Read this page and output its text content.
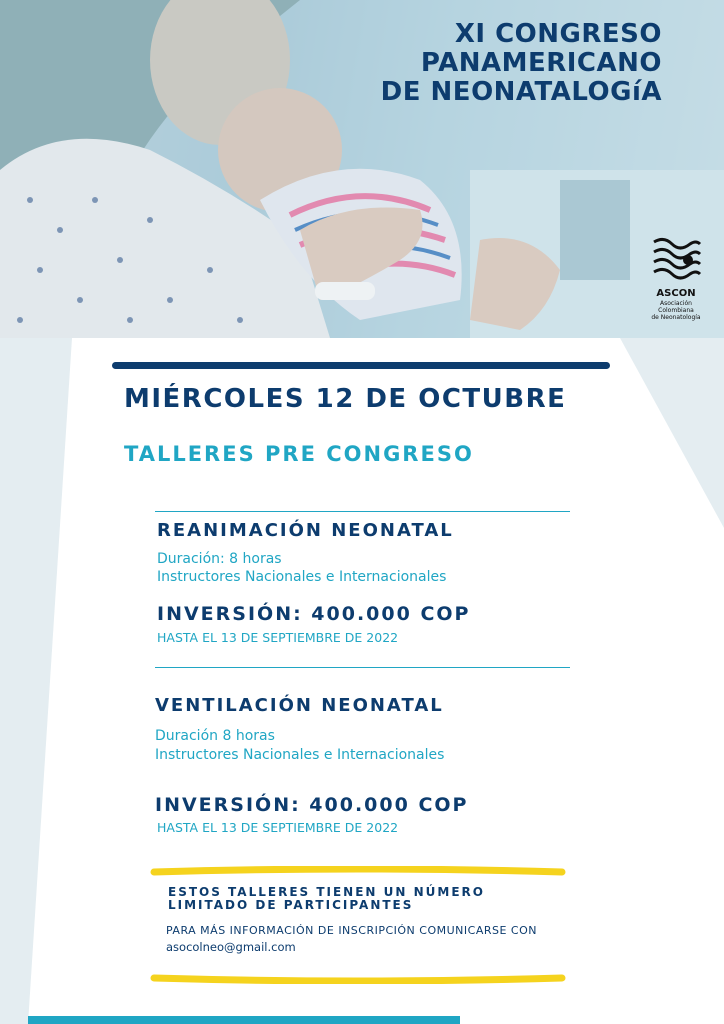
XI CONGRESO
PANAMERICANO
DE NEONATALOGíA
ASCON
Asociación Colombiana
de Neonatología
MIÉRCOLES 12 DE OCTUBRE
TALLERES PRE CONGRESO
REANIMACIÓN NEONATAL
Duración: 8 horas
Instructores Nacionales e Internacionales
INVERSIÓN: 400.000 COP
HASTA EL 13 DE SEPTIEMBRE DE 2022
VENTILACIÓN NEONATAL
Duración 8 horas
Instructores Nacionales e Internacionales
INVERSIÓN: 400.000 COP
HASTA EL 13 DE SEPTIEMBRE DE 2022
ESTOS TALLERES TIENEN UN NÚMERO
LIMITADO DE PARTICIPANTES
PARA MÁS INFORMACIÓN DE INSCRIPCIÓN COMUNICARSE CON
asocolneo@gmail.com
